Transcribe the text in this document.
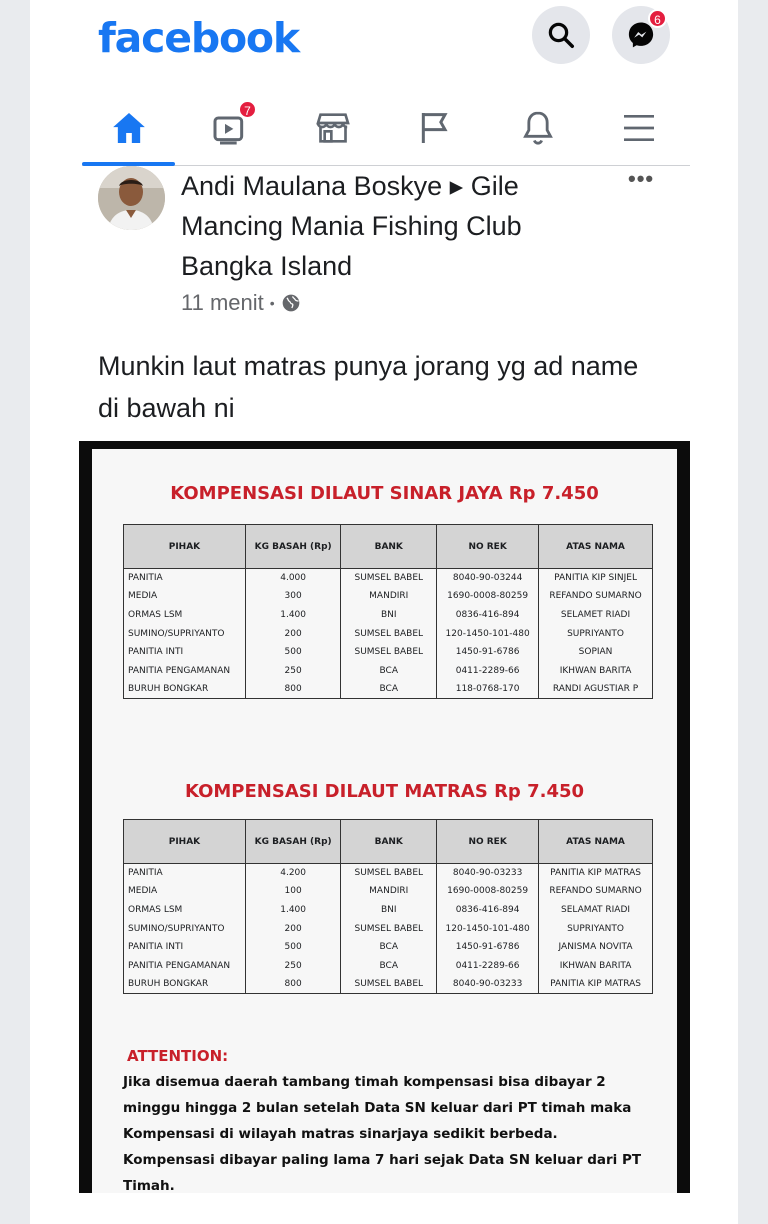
facebook	6
7
Andi Maulana Boskye ▸ Gile Mancing Mania Fishing Club Bangka Island
•••
11 menit •
Munkin laut matras punya jorang yg ad name di bawah ni
KOMPENSASI DILAUT SINAR JAYA Rp 7.450
PIHAK	KG BASAH (Rp)	BANK	NO REK	ATAS NAMA
PANITIA	4.000	SUMSEL BABEL	8040-90-03244	PANITIA KIP SINJEL
MEDIA	300	MANDIRI	1690-0008-80259	REFANDO SUMARNO
ORMAS LSM	1.400	BNI	0836-416-894	SELAMET RIADI
SUMINO/SUPRIYANTO	200	SUMSEL BABEL	120-1450-101-480	SUPRIYANTO
PANITIA INTI	500	SUMSEL BABEL	1450-91-6786	SOPIAN
PANITIA PENGAMANAN	250	BCA	0411-2289-66	IKHWAN BARITA
BURUH BONGKAR	800	BCA	118-0768-170	RANDI AGUSTIAR P
KOMPENSASI DILAUT MATRAS Rp 7.450
PIHAK	KG BASAH (Rp)	BANK	NO REK	ATAS NAMA
PANITIA	4.200	SUMSEL BABEL	8040-90-03233	PANITIA KIP MATRAS
MEDIA	100	MANDIRI	1690-0008-80259	REFANDO SUMARNO
ORMAS LSM	1.400	BNI	0836-416-894	SELAMAT RIADI
SUMINO/SUPRIYANTO	200	SUMSEL BABEL	120-1450-101-480	SUPRIYANTO
PANITIA INTI	500	BCA	1450-91-6786	JANISMA NOVITA
PANITIA PENGAMANAN	250	BCA	0411-2289-66	IKHWAN BARITA
BURUH BONGKAR	800	SUMSEL BABEL	8040-90-03233	PANITIA KIP MATRAS
ATTENTION:
Jika disemua daerah tambang timah kompensasi bisa dibayar 2 minggu hingga 2 bulan setelah Data SN keluar dari PT timah maka Kompensasi di wilayah matras sinarjaya sedikit berbeda. Kompensasi dibayar paling lama 7 hari sejak Data SN keluar dari PT Timah.
